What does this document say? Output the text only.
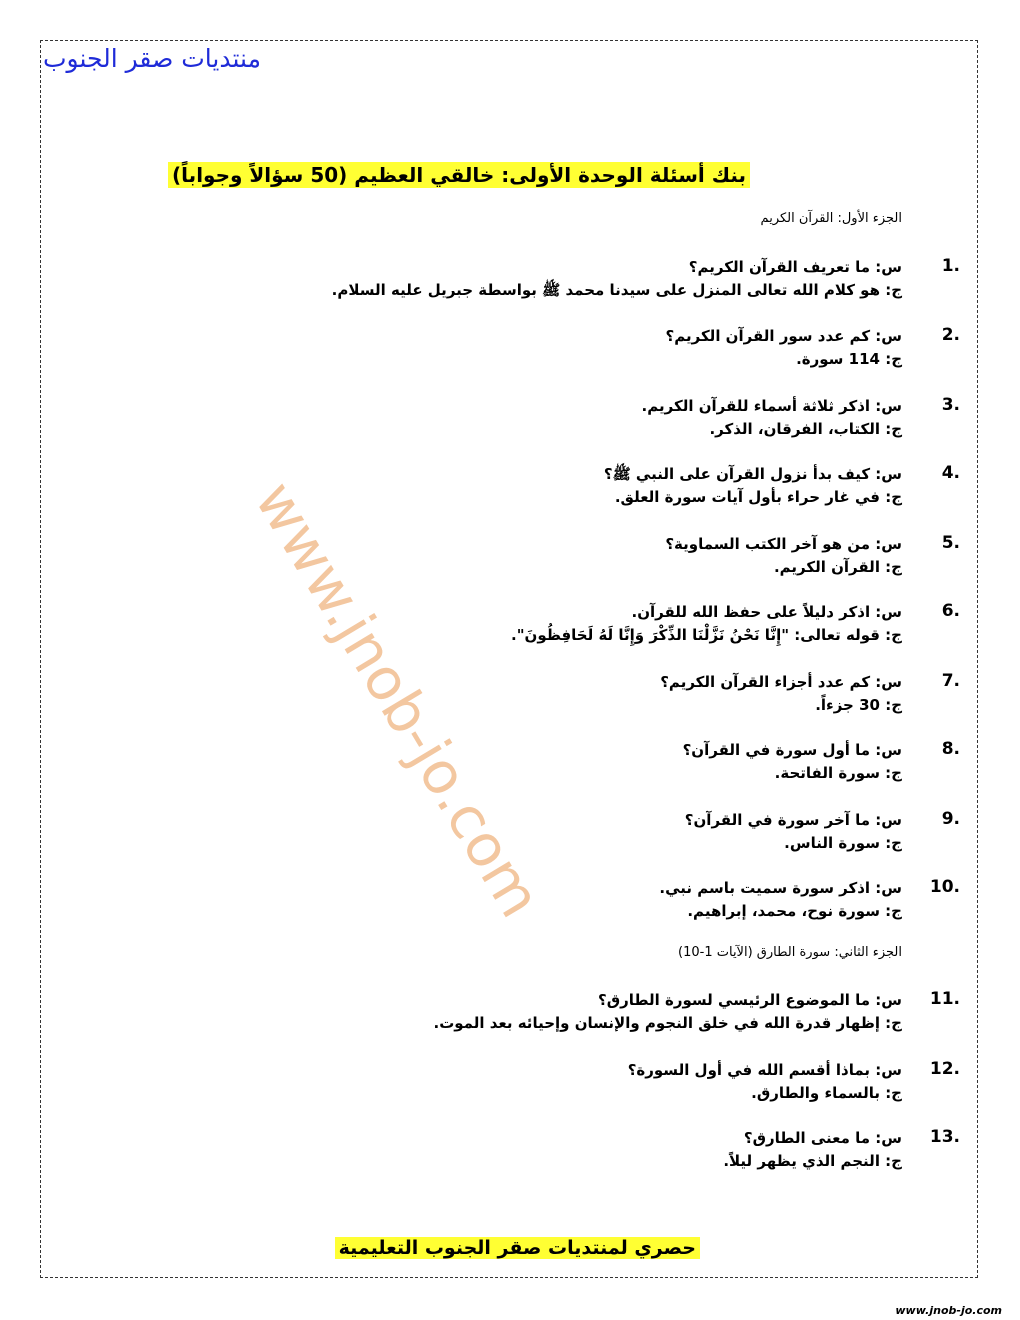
منتديات صقر الجنوب
بنك أسئلة الوحدة الأولى: خالقي العظيم (50 سؤالاً وجواباً)
الجزء الأول: القرآن الكريم
1.
س: ما تعريف القرآن الكريم؟
ج: هو كلام الله تعالى المنزل على سيدنا محمد ﷺ بواسطة جبريل عليه السلام.
2.
س: كم عدد سور القرآن الكريم؟
ج: 114 سورة.
3.
س: اذكر ثلاثة أسماء للقرآن الكريم.
ج: الكتاب، الفرقان، الذكر.
4.
س: كيف بدأ نزول القرآن على النبي ﷺ؟
ج: في غار حراء بأول آيات سورة العلق.
5.
س: من هو آخر الكتب السماوية؟
ج: القرآن الكريم.
6.
س: اذكر دليلاً على حفظ الله للقرآن.
ج: قوله تعالى: "إِنَّا نَحْنُ نَزَّلْنَا الذِّكْرَ وَإِنَّا لَهُ لَحَافِظُونَ".
7.
س: كم عدد أجزاء القرآن الكريم؟
ج: 30 جزءاً.
8.
س: ما أول سورة في القرآن؟
ج: سورة الفاتحة.
9.
س: ما آخر سورة في القرآن؟
ج: سورة الناس.
10.
س: اذكر سورة سميت باسم نبي.
ج: سورة نوح، محمد، إبراهيم.
الجزء الثاني: سورة الطارق (الآيات 1-10)
11.
س: ما الموضوع الرئيسي لسورة الطارق؟
ج: إظهار قدرة الله في خلق النجوم والإنسان وإحيائه بعد الموت.
12.
س: بماذا أقسم الله في أول السورة؟
ج: بالسماء والطارق.
13.
س: ما معنى الطارق؟
ج: النجم الذي يظهر ليلاً.
www.jnob-jo.com
حصري لمنتديات صقر الجنوب التعليمية
www.jnob-jo.com
